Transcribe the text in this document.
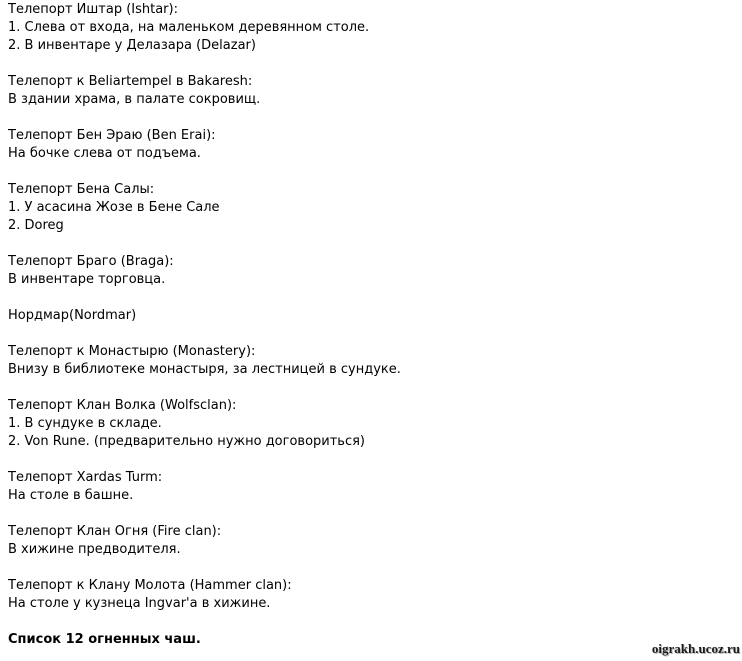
Телепорт Иштар (Ishtar):
1. Слева от входа, на маленьком деревянном столе.
2. В инвентаре у Делазара (Delazar)
Телепорт к Beliartempel в Bakaresh:
В здании храма, в палате сокровищ.
Телепорт Бен Эраю (Ben Erai):
На бочке слева от подъема.
Телепорт Бена Салы:
1. У асасина Жозе в Бене Сале
2. Doreg
Телепорт Браго (Braga):
В инвентаре торговца.
Нордмар(Nordmar)
Телепорт к Монастырю (Monastery):
Внизу в библиотеке монастыря, за лестницей в сундуке.
Телепорт Клан Волка (Wolfsclan):
1. В сундуке в складе.
2. Von Rune. (предварительно нужно договориться)
Телепорт Xardas Turm:
На столе в башне.
Телепорт Клан Огня (Fire clan):
В хижине предводителя.
Телепорт к Клану Молота (Hammer clan):
На столе у кузнеца Ingvar'a в хижине.
Список 12 огненных чаш.
oigrakh.ucoz.ru
